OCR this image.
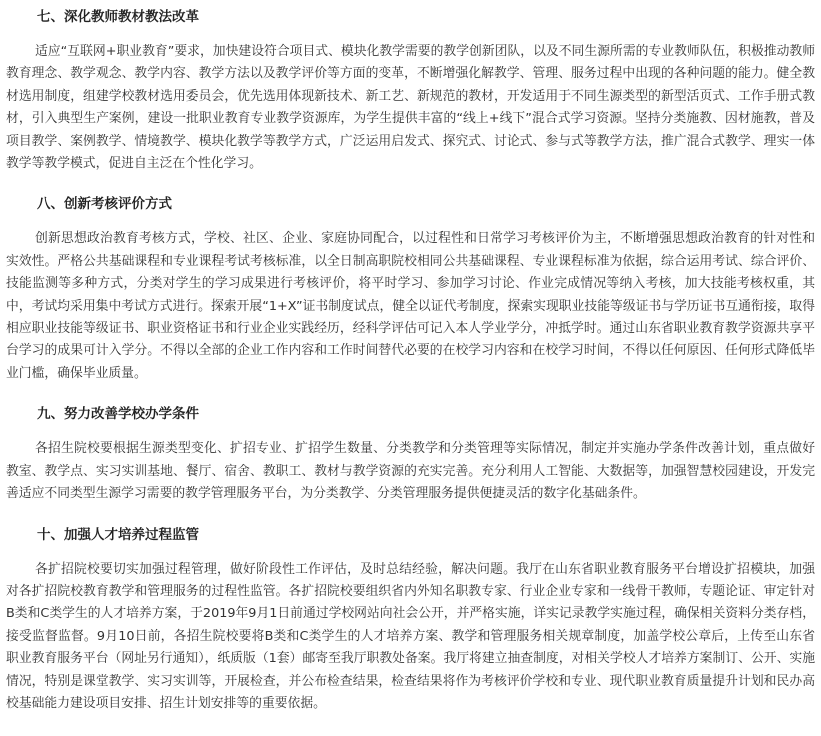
七、深化教师教材教法改革

适应“互联网+职业教育”要求，加快建设符合项目式、模块化教学需要的教学创新团队，以及不同生源所需的专业教师队伍，积极推动教师教育理念、教学观念、教学内容、教学方法以及教学评价等方面的变革，不断增强化解教学、管理、服务过程中出现的各种问题的能力。健全教材选用制度，组建学校教材选用委员会，优先选用体现新技术、新工艺、新规范的教材，开发适用于不同生源类型的新型活页式、工作手册式教材，引入典型生产案例，建设一批职业教育专业教学资源库，为学生提供丰富的“线上+线下”混合式学习资源。坚持分类施教、因材施教，普及项目教学、案例教学、情境教学、模块化教学等教学方式，广泛运用启发式、探究式、讨论式、参与式等教学方法，推广混合式教学、理实一体教学等教学模式，促进自主泛在个性化学习。

八、创新考核评价方式

创新思想政治教育考核方式，学校、社区、企业、家庭协同配合，以过程性和日常学习考核评价为主，不断增强思想政治教育的针对性和实效性。严格公共基础课程和专业课程考试考核标准，以全日制高职院校相同公共基础课程、专业课程标准为依据，综合运用考试、综合评价、技能监测等多种方式，分类对学生的学习成果进行考核评价，将平时学习、参加学习讨论、作业完成情况等纳入考核，加大技能考核权重，其中，考试均采用集中考试方式进行。探索开展“1+X”证书制度试点，健全以证代考制度，探索实现职业技能等级证书与学历证书互通衔接，取得相应职业技能等级证书、职业资格证书和行业企业实践经历，经科学评估可记入本人学业学分，冲抵学时。通过山东省职业教育教学资源共享平台学习的成果可计入学分。不得以全部的企业工作内容和工作时间替代必要的在校学习内容和在校学习时间，不得以任何原因、任何形式降低毕业门槛，确保毕业质量。

九、努力改善学校办学条件

各招生院校要根据生源类型变化、扩招专业、扩招学生数量、分类教学和分类管理等实际情况，制定并实施办学条件改善计划，重点做好教室、教学点、实习实训基地、餐厅、宿舍、教职工、教材与教学资源的充实完善。充分利用人工智能、大数据等，加强智慧校园建设，开发完善适应不同类型生源学习需要的教学管理服务平台，为分类教学、分类管理服务提供便捷灵活的数字化基础条件。

十、加强人才培养过程监管

各扩招院校要切实加强过程管理，做好阶段性工作评估，及时总结经验，解决问题。我厅在山东省职业教育服务平台增设扩招模块，加强对各扩招院校教育教学和管理服务的过程性监管。各扩招院校要组织省内外知名职教专家、行业企业专家和一线骨干教师，专题论证、审定针对B类和C类学生的人才培养方案，于2019年9月1日前通过学校网站向社会公开，并严格实施，详实记录教学实施过程，确保相关资料分类存档，接受监督监督。9月10日前，各招生院校要将B类和C类学生的人才培养方案、教学和管理服务相关规章制度，加盖学校公章后，上传至山东省职业教育服务平台（网址另行通知），纸质版（1套）邮寄至我厅职教处备案。我厅将建立抽查制度，对相关学校人才培养方案制订、公开、实施情况，特别是课堂教学、实习实训等，开展检查，并公布检查结果，检查结果将作为考核评价学校和专业、现代职业教育质量提升计划和民办高校基础能力建设项目安排、招生计划安排等的重要依据。
